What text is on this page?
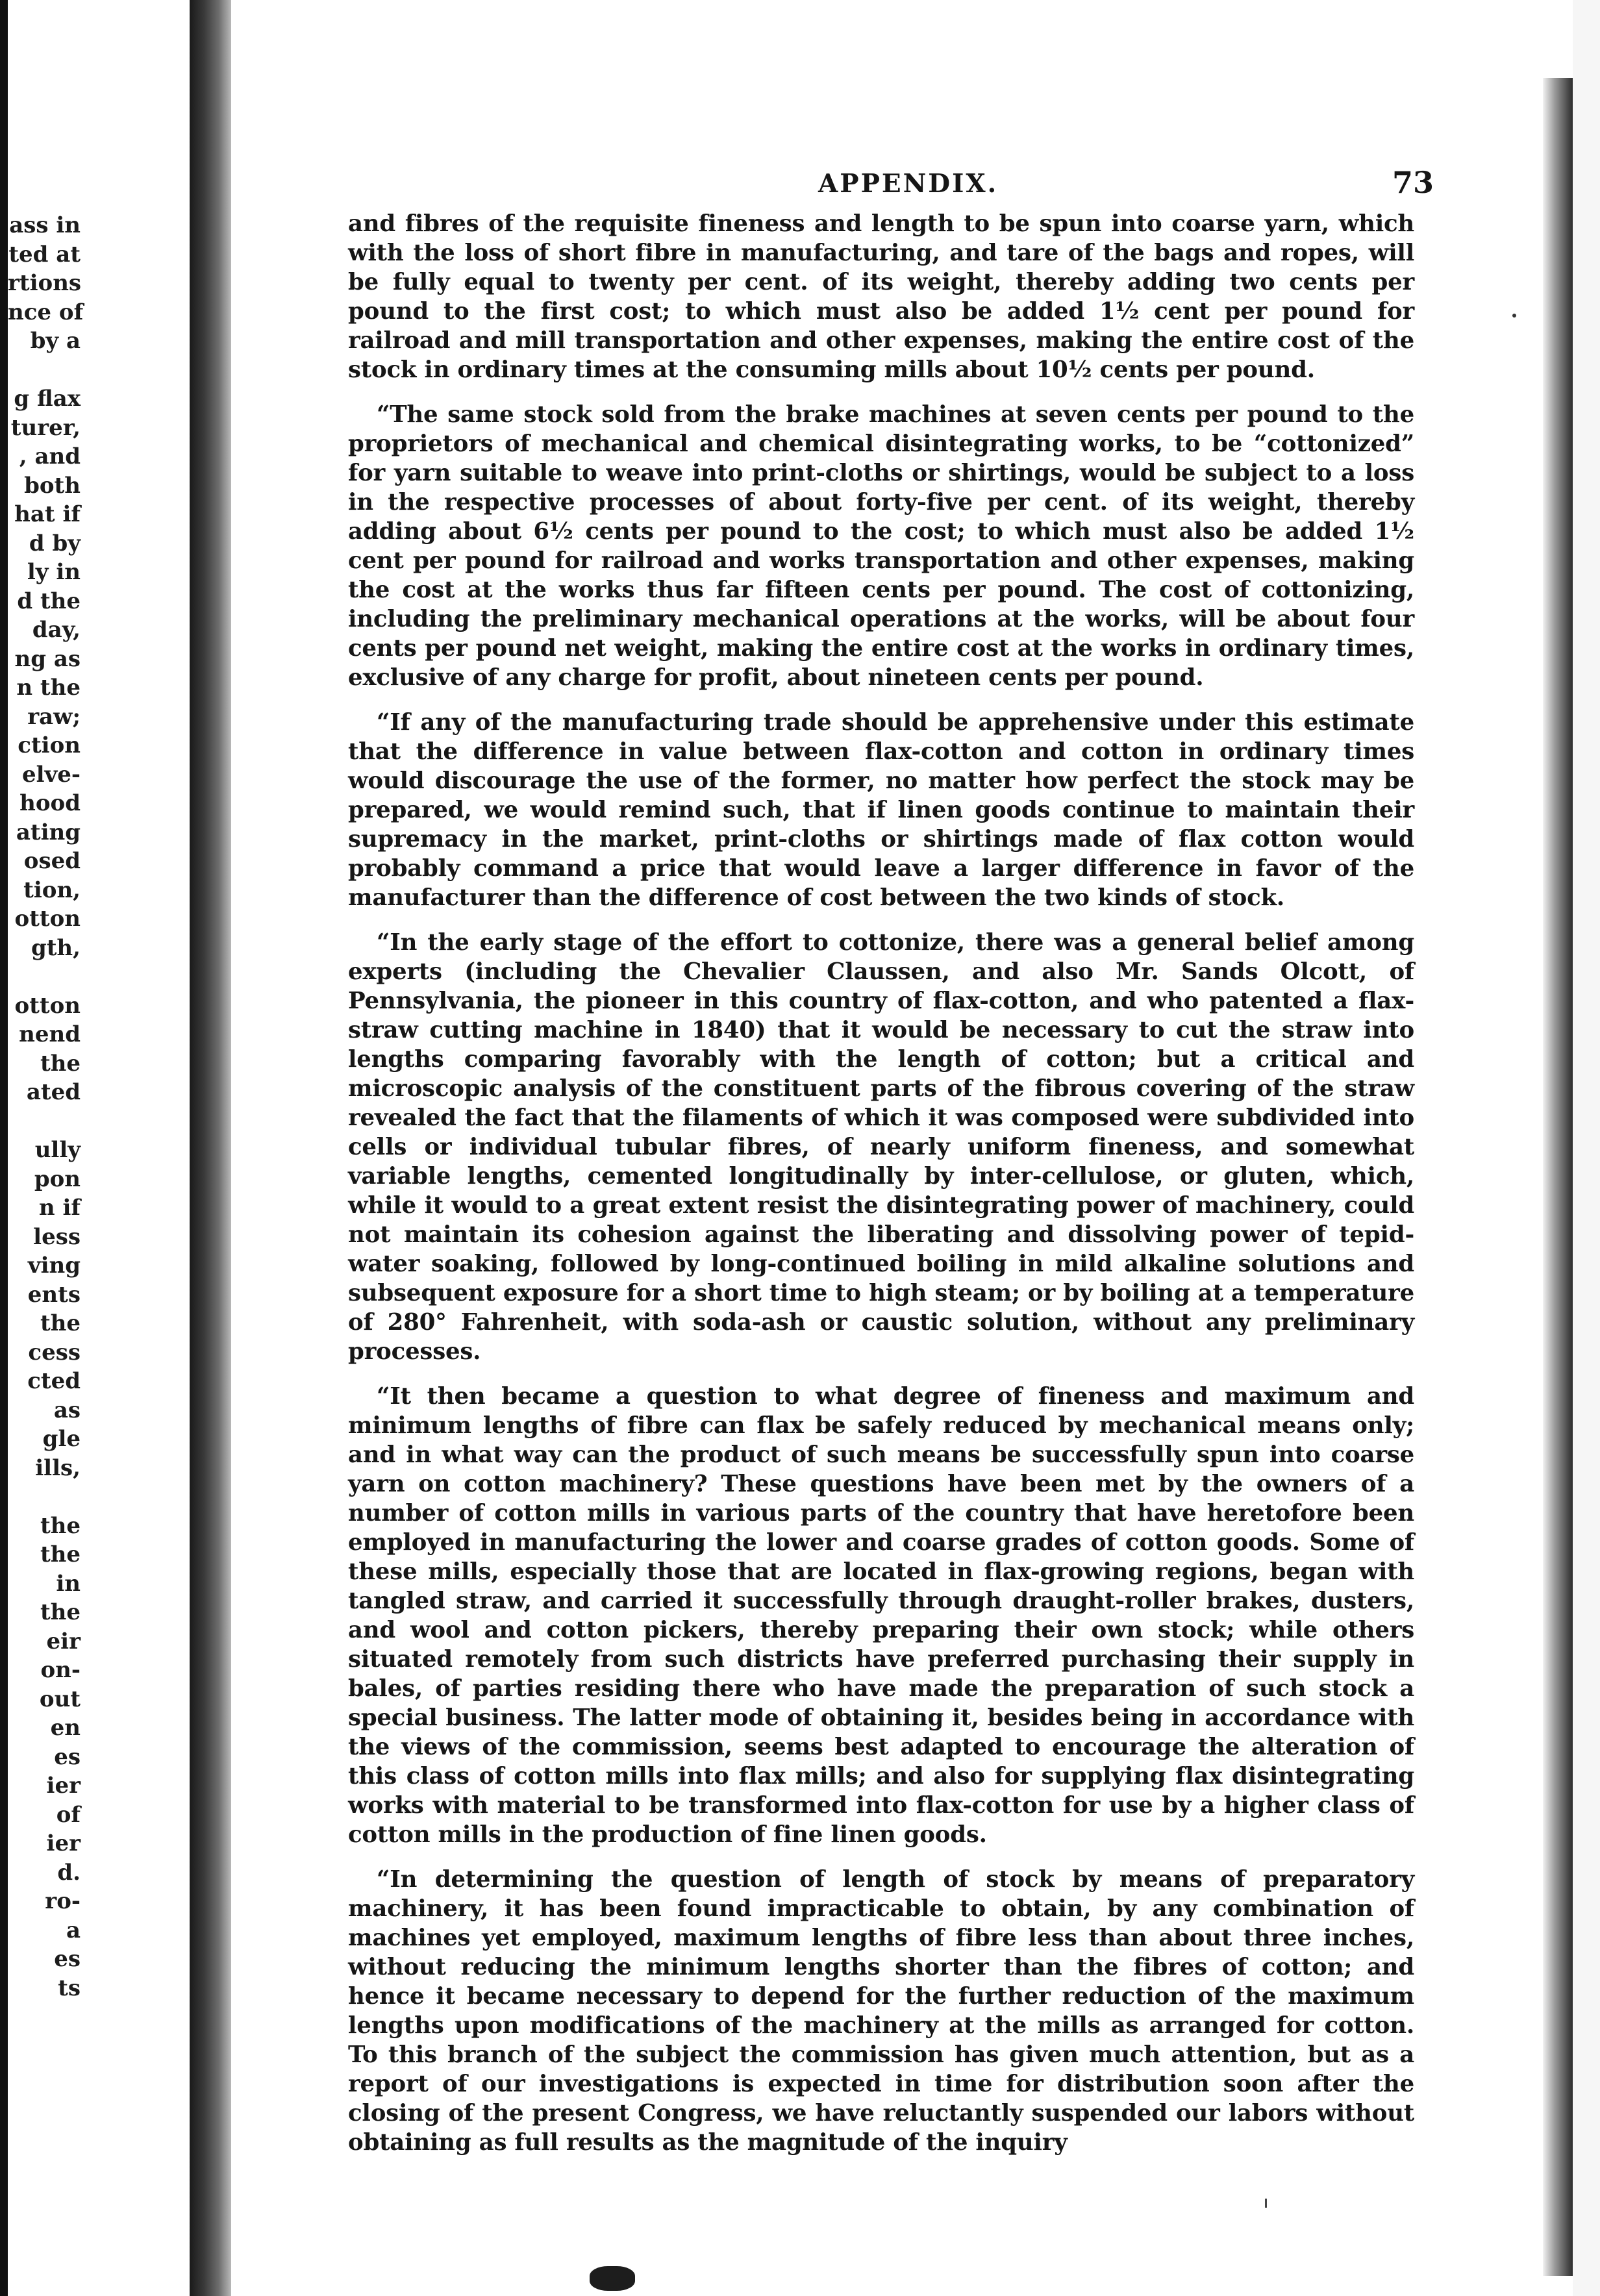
ass in
ted at
rtions
nce of
by a
g flax
turer,
, and
both
hat if
d by
ly in
d the
day,
ng as
n the
raw;
ction
elve-
hood
ating
osed
tion,
otton
gth,
otton
nend
the
ated
ully
pon
n if
less
ving
ents
the
cess
cted
as
gle
ills,
the
the
in
the
eir
on-
out
en
es
ier
of
ier
d.
ro-
a
es
ts
APPENDIX.	73

and fibres of the requisite fineness and length to be spun into coarse yarn, which with the loss of short fibre in manufacturing, and tare of the bags and ropes, will be fully equal to twenty per cent. of its weight, thereby adding two cents per pound to the first cost; to which must also be added 1½ cent per pound for railroad and mill transportation and other expenses, making the entire cost of the stock in ordinary times at the consuming mills about 10½ cents per pound.

“The same stock sold from the brake machines at seven cents per pound to the proprietors of mechanical and chemical disintegrating works, to be “cottonized” for yarn suitable to weave into print-cloths or shirtings, would be subject to a loss in the respective processes of about forty-five per cent. of its weight, thereby adding about 6½ cents per pound to the cost; to which must also be added 1½ cent per pound for railroad and works transportation and other expenses, making the cost at the works thus far fifteen cents per pound. The cost of cottonizing, including the preliminary mechanical operations at the works, will be about four cents per pound net weight, making the entire cost at the works in ordinary times, exclusive of any charge for profit, about nineteen cents per pound.

“If any of the manufacturing trade should be apprehensive under this estimate that the difference in value between flax-cotton and cotton in ordinary times would discourage the use of the former, no matter how perfect the stock may be prepared, we would remind such, that if linen goods continue to maintain their supremacy in the market, print-cloths or shirtings made of flax cotton would probably command a price that would leave a larger difference in favor of the manufacturer than the difference of cost between the two kinds of stock.

“In the early stage of the effort to cottonize, there was a general belief among experts (including the Chevalier Claussen, and also Mr. Sands Olcott, of Pennsylvania, the pioneer in this country of flax-cotton, and who patented a flax-straw cutting machine in 1840) that it would be necessary to cut the straw into lengths comparing favorably with the length of cotton; but a critical and microscopic analysis of the constituent parts of the fibrous covering of the straw revealed the fact that the filaments of which it was composed were subdivided into cells or individual tubular fibres, of nearly uniform fineness, and somewhat variable lengths, cemented longitudinally by inter-cellulose, or gluten, which, while it would to a great extent resist the disintegrating power of machinery, could not maintain its cohesion against the liberating and dissolving power of tepid-water soaking, followed by long-continued boiling in mild alkaline solutions and subsequent exposure for a short time to high steam; or by boiling at a temperature of 280° Fahrenheit, with soda-ash or caustic solution, without any preliminary processes.

“It then became a question to what degree of fineness and maximum and minimum lengths of fibre can flax be safely reduced by mechanical means only; and in what way can the product of such means be successfully spun into coarse yarn on cotton machinery? These questions have been met by the owners of a number of cotton mills in various parts of the country that have heretofore been employed in manufacturing the lower and coarse grades of cotton goods. Some of these mills, especially those that are located in flax-growing regions, began with tangled straw, and carried it successfully through draught-roller brakes, dusters, and wool and cotton pickers, thereby preparing their own stock; while others situated remotely from such districts have preferred purchasing their supply in bales, of parties residing there who have made the preparation of such stock a special business. The latter mode of obtaining it, besides being in accordance with the views of the commission, seems best adapted to encourage the alteration of this class of cotton mills into flax mills; and also for supplying flax disintegrating works with material to be transformed into flax-cotton for use by a higher class of cotton mills in the production of fine linen goods.

“In determining the question of length of stock by means of preparatory machinery, it has been found impracticable to obtain, by any combination of machines yet employed, maximum lengths of fibre less than about three inches, without reducing the minimum lengths shorter than the fibres of cotton; and hence it became necessary to depend for the further reduction of the maximum lengths upon modifications of the machinery at the mills as arranged for cotton. To this branch of the subject the commission has given much attention, but as a report of our investigations is expected in time for distribution soon after the closing of the present Congress, we have reluctantly suspended our labors without obtaining as full results as the magnitude of the inquiry
